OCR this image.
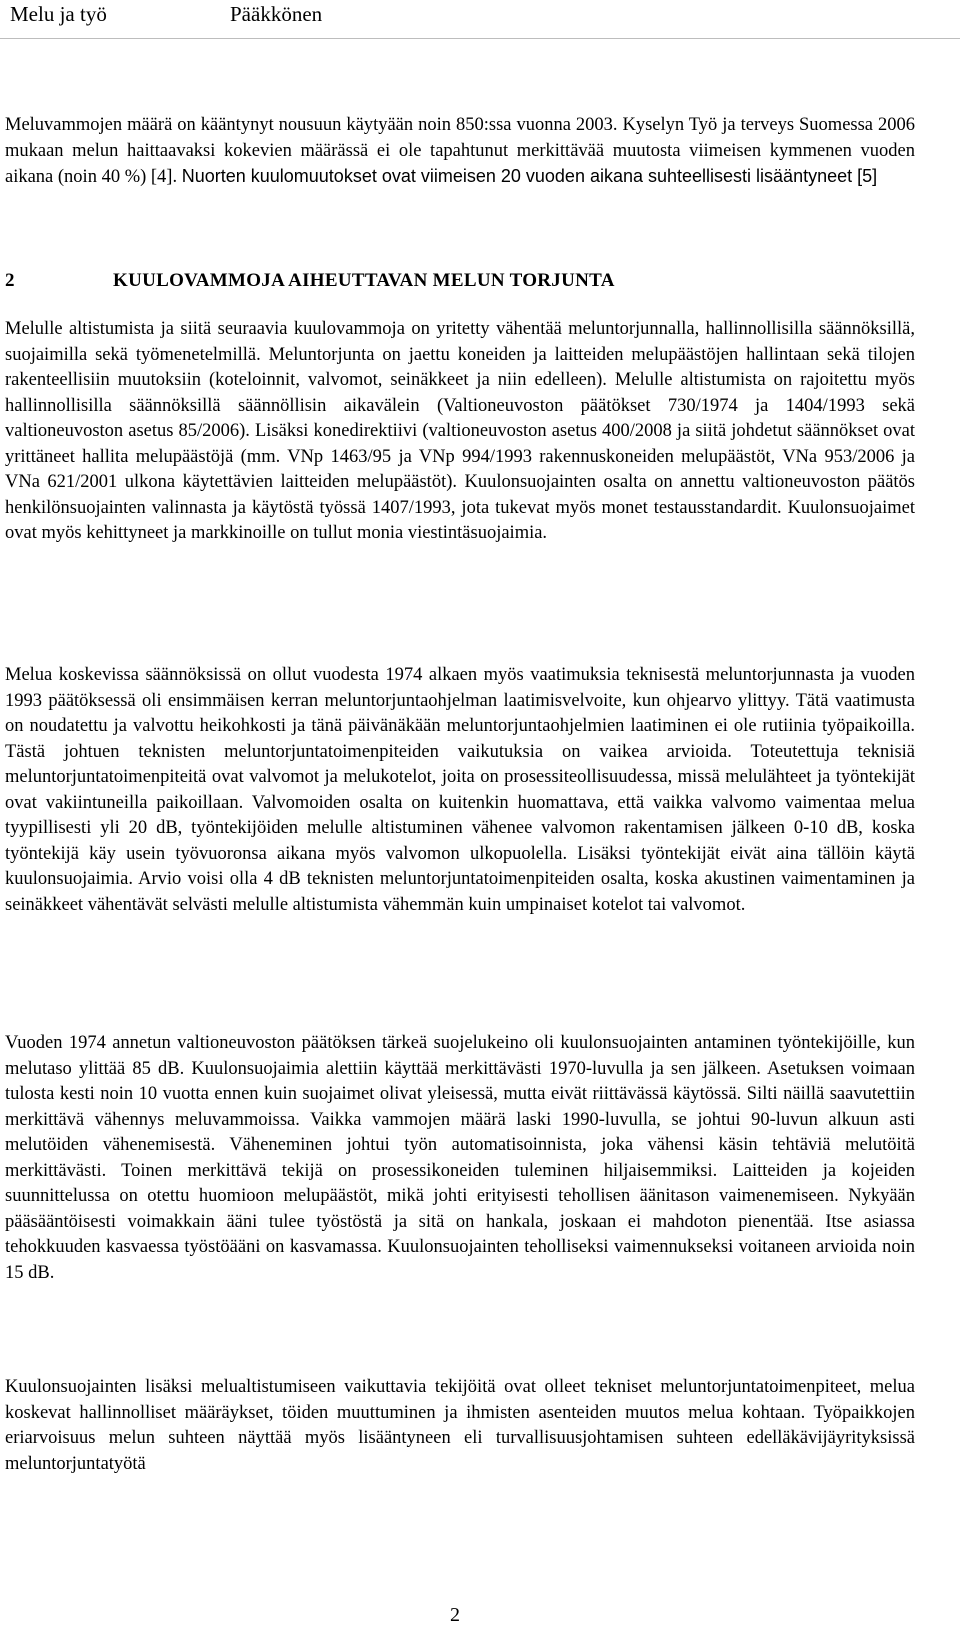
Melu ja työ	Pääkkönen

Meluvammojen määrä on kääntynyt nousuun käytyään noin 850:ssa vuonna 2003. Kyselyn Työ ja terveys Suomessa 2006 mukaan melun haittaavaksi kokevien määrässä ei ole tapahtunut merkittävää muutosta viimeisen kymmenen vuoden aikana (noin 40 %) [4]. Nuorten kuulomuutokset ovat viimeisen 20 vuoden aikana suhteellisesti lisääntyneet [5]

2	KUULOVAMMOJA AIHEUTTAVAN MELUN TORJUNTA

Melulle altistumista ja siitä seuraavia kuulovammoja on yritetty vähentää meluntorjunnalla, hallinnollisilla säännöksillä, suojaimilla sekä työmenetelmillä. Meluntorjunta on jaettu koneiden ja laitteiden melupäästöjen hallintaan sekä tilojen rakenteellisiin muutoksiin (koteloinnit, valvomot, seinäkkeet ja niin edelleen). Melulle altistumista on rajoitettu myös hallinnollisilla säännöksillä säännöllisin aikavälein (Valtioneuvoston päätökset 730/1974 ja 1404/1993 sekä valtioneuvoston asetus 85/2006). Lisäksi konedirektiivi (valtioneuvoston asetus 400/2008 ja siitä johdetut säännökset ovat yrittäneet hallita melupäästöjä (mm. VNp 1463/95 ja VNp 994/1993 rakennuskoneiden melupäästöt, VNa 953/2006 ja VNa 621/2001 ulkona käytettävien laitteiden melupäästöt). Kuulonsuojainten osalta on annettu valtioneuvoston päätös henkilönsuojainten valinnasta ja käytöstä työssä 1407/1993, jota tukevat myös monet testausstandardit. Kuulonsuojaimet ovat myös kehittyneet ja markkinoille on tullut monia viestintäsuojaimia.

Melua koskevissa säännöksissä on ollut vuodesta 1974 alkaen myös vaatimuksia teknisestä meluntorjunnasta ja vuoden 1993 päätöksessä oli ensimmäisen kerran meluntorjuntaohjelman laatimisvelvoite, kun ohjearvo ylittyy. Tätä vaatimusta on noudatettu ja valvottu heikohkosti ja tänä päivänäkään meluntorjuntaohjelmien laatiminen ei ole rutiinia työpaikoilla. Tästä johtuen teknisten meluntorjuntatoimenpiteiden vaikutuksia on vaikea arvioida. Toteutettuja teknisiä meluntorjuntatoimenpiteitä ovat valvomot ja melukotelot, joita on prosessiteollisuudessa, missä melulähteet ja työntekijät ovat vakiintuneilla paikoillaan. Valvomoiden osalta on kuitenkin huomattava, että vaikka valvomo vaimentaa melua tyypillisesti yli 20 dB, työntekijöiden melulle altistuminen vähenee valvomon rakentamisen jälkeen 0-10 dB, koska työntekijä käy usein työvuoronsa aikana myös valvomon ulkopuolella. Lisäksi työntekijät eivät aina tällöin käytä kuulonsuojaimia. Arvio voisi olla 4 dB teknisten meluntorjuntatoimenpiteiden osalta, koska akustinen vaimentaminen ja seinäkkeet vähentävät selvästi melulle altistumista vähemmän kuin umpinaiset kotelot tai valvomot.

Vuoden 1974 annetun valtioneuvoston päätöksen tärkeä suojelukeino oli kuulonsuojainten antaminen työntekijöille, kun melutaso ylittää 85 dB. Kuulonsuojaimia alettiin käyttää merkittävästi 1970-luvulla ja sen jälkeen. Asetuksen voimaan tulosta kesti noin 10 vuotta ennen kuin suojaimet olivat yleisessä, mutta eivät riittävässä käytössä. Silti näillä saavutettiin merkittävä vähennys meluvammoissa. Vaikka vammojen määrä laski 1990-luvulla, se johtui 90-luvun alkuun asti melutöiden vähenemisestä. Väheneminen johtui työn automatisoinnista, joka vähensi käsin tehtäviä melutöitä merkittävästi. Toinen merkittävä tekijä on prosessikoneiden tuleminen hiljaisemmiksi. Laitteiden ja kojeiden suunnittelussa on otettu huomioon melupäästöt, mikä johti erityisesti tehollisen äänitason vaimenemiseen. Nykyään pääsääntöisesti voimakkain ääni tulee työstöstä ja sitä on hankala, joskaan ei mahdoton pienentää. Itse asiassa tehokkuuden kasvaessa työstöääni on kasvamassa. Kuulonsuojainten teholliseksi vaimennukseksi voitaneen arvioida noin 15 dB.

Kuulonsuojainten lisäksi melualtistumiseen vaikuttavia tekijöitä ovat olleet tekniset meluntorjuntatoimenpiteet, melua koskevat hallinnolliset määräykset, töiden muuttuminen ja ihmisten asenteiden muutos melua kohtaan. Työpaikkojen eriarvoisuus melun suhteen näyttää myös lisääntyneen eli turvallisuusjohtamisen suhteen edelläkävijäyrityksissä meluntorjuntatyötä

2
